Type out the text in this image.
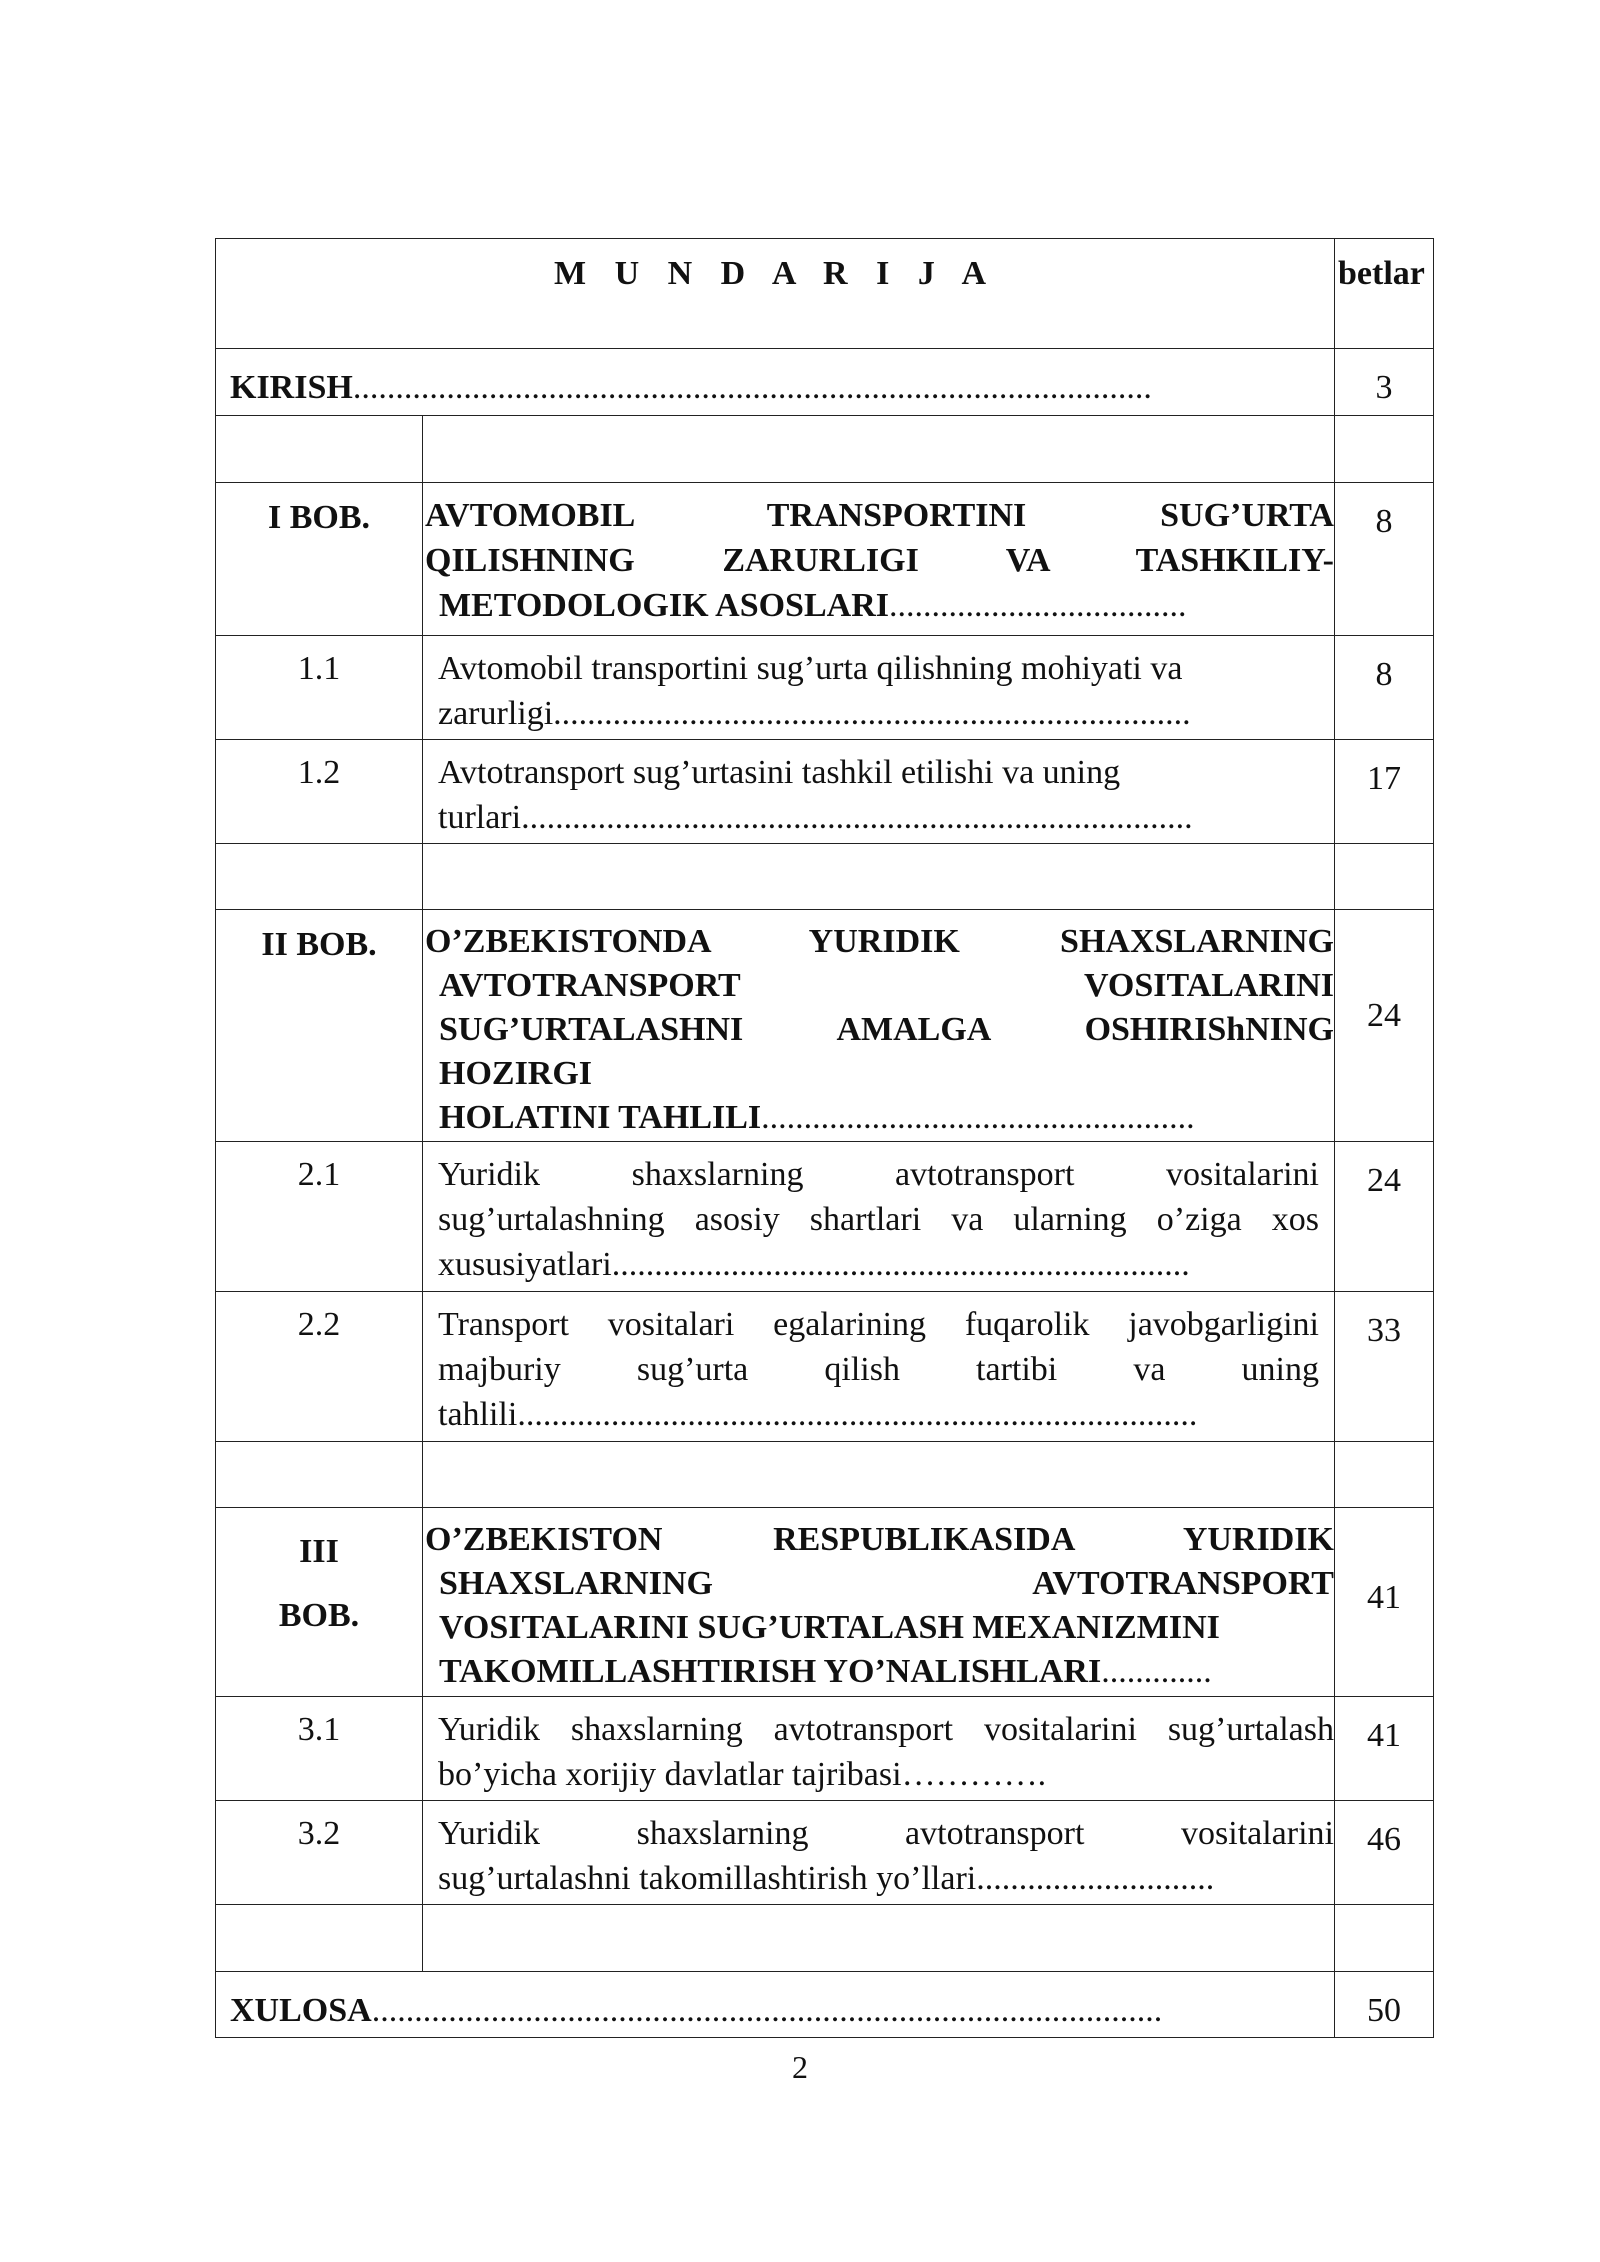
M U N D A R I J A		betlar
KIRISH..............................................................................................		3

I BOB.	AVTOMOBIL TRANSPORTINI SUG’URTA
QILISHNING ZARURLIGI VA TASHKILIY-
METODOLOGIK ASOSLARI...................................	8
1.1	Avtomobil transportini sug’urta qilishning mohiyati va
zarurligi...........................................................................	8
1.2	Avtotransport sug’urtasini tashkil etilishi va uning
turlari...............................................................................	17

II BOB.	O’ZBEKISTONDA YURIDIK SHAXSLARNING
AVTOTRANSPORT VOSITALARINI
SUG’URTALASHNI AMALGA OSHIRIShNING
HOZIRGI
HOLATINI TAHLILI...................................................	24
2.1	Yuridik shaxslarning avtotransport vositalarini
sug’urtalashning asosiy shartlari va ularning o’ziga xos
xususiyatlari....................................................................	24
2.2	Transport vositalari egalarining fuqarolik javobgarligini
majburiy sug’urta qilish tartibi va uning
tahlili................................................................................	33

III
BOB.	O’ZBEKISTON RESPUBLIKASIDA YURIDIK
SHAXSLARNING AVTOTRANSPORT
VOSITALARINI SUG’URTALASH MEXANIZMINI
TAKOMILLASHTIRISH YO’NALISHLARI.............	41
3.1	Yuridik shaxslarning avtotransport vositalarini sug’urtalash
bo’yicha xorijiy davlatlar tajribasi………….	41
3.2	Yuridik shaxslarning avtotransport vositalarini
sug’urtalashni takomillashtirish yo’llari............................	46

XULOSA.............................................................................................		50
2
